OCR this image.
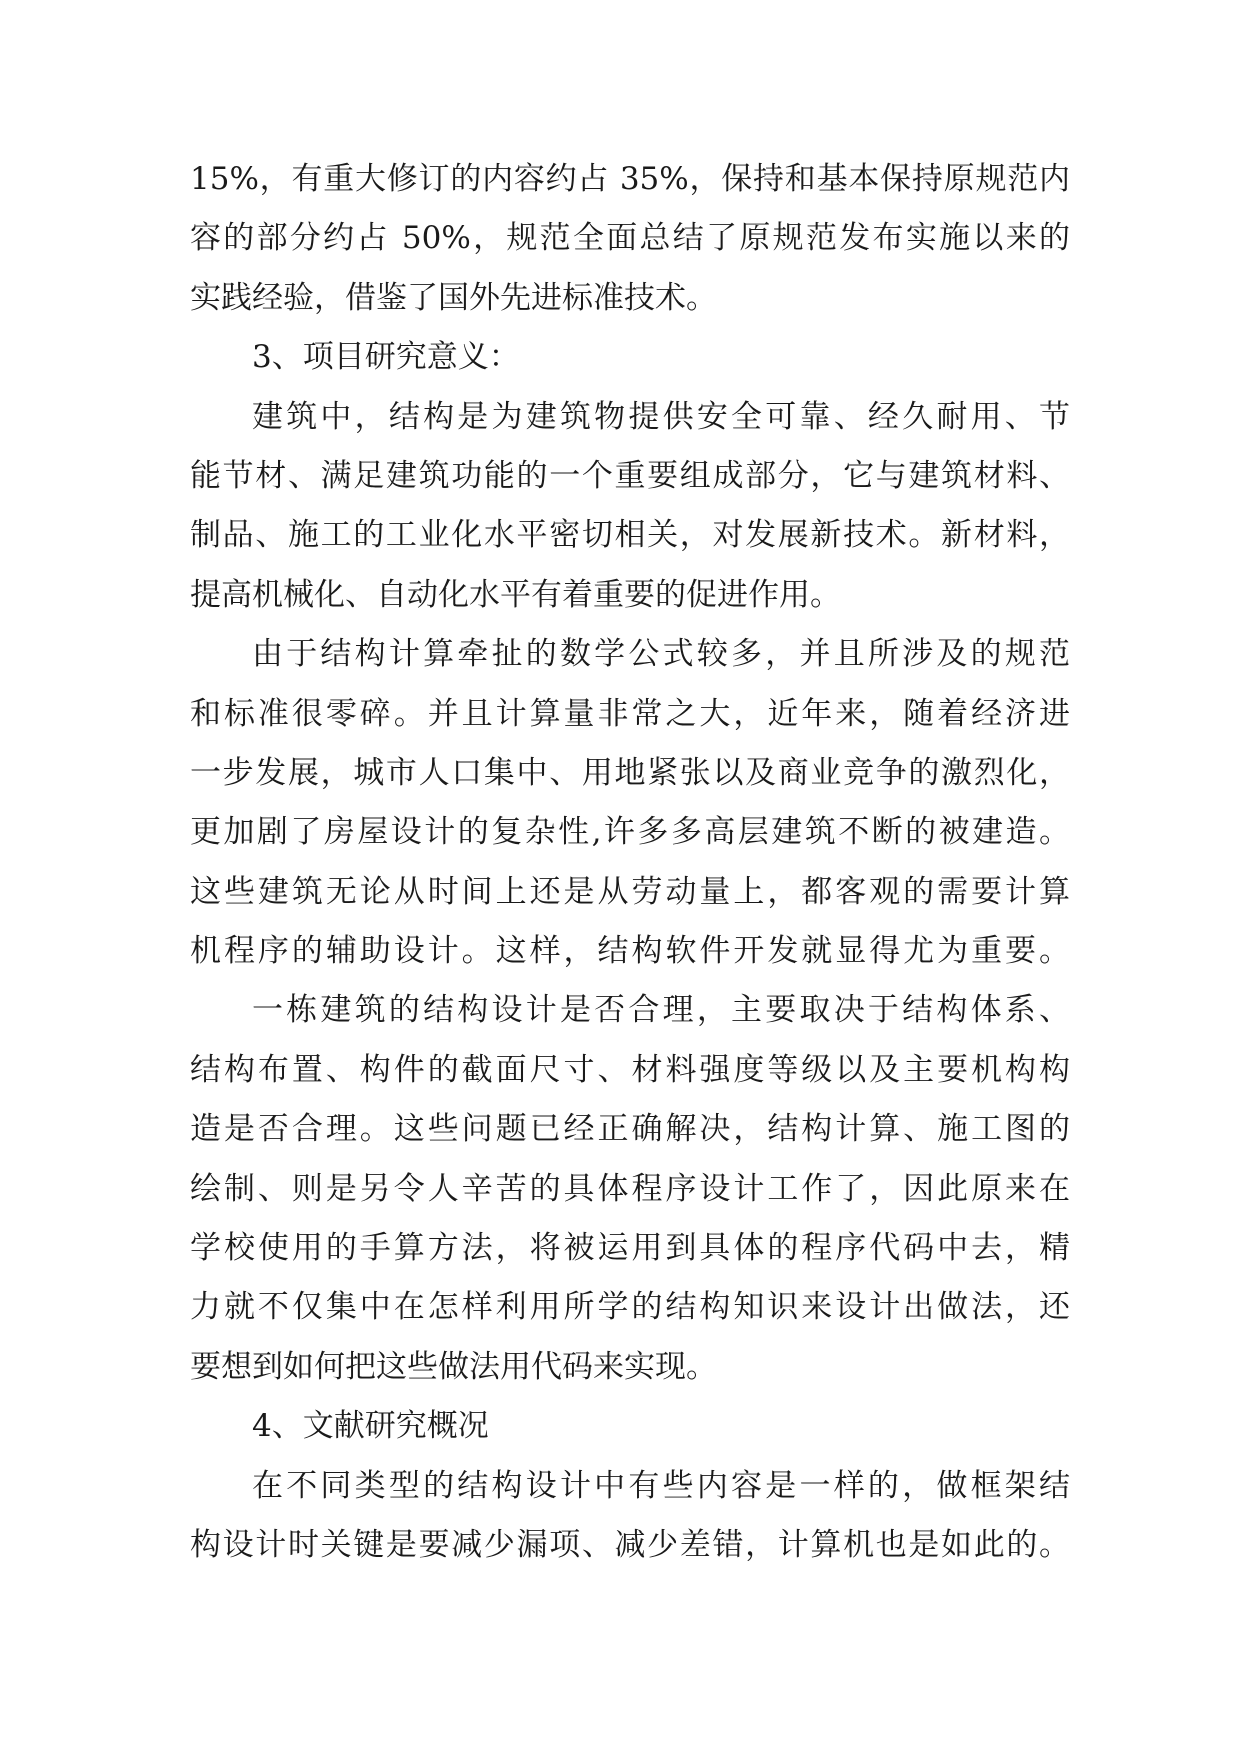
15%，有重大修订的内容约占 35%，保持和基本保持原规范内
容的部分约占 50%，规范全面总结了原规范发布实施以来的
实践经验，借鉴了国外先进标准技术。
3、项目研究意义：
建筑中，结构是为建筑物提供安全可靠、经久耐用、节
能节材、满足建筑功能的一个重要组成部分，它与建筑材料、
制品、施工的工业化水平密切相关，对发展新技术。新材料，
提高机械化、自动化水平有着重要的促进作用。
由于结构计算牵扯的数学公式较多，并且所涉及的规范
和标准很零碎。并且计算量非常之大，近年来，随着经济进
一步发展，城市人口集中、用地紧张以及商业竞争的激烈化，
更加剧了房屋设计的复杂性,许多多高层建筑不断的被建造。
这些建筑无论从时间上还是从劳动量上，都客观的需要计算
机程序的辅助设计。这样，结构软件开发就显得尤为重要。
一栋建筑的结构设计是否合理，主要取决于结构体系、
结构布置、构件的截面尺寸、材料强度等级以及主要机构构
造是否合理。这些问题已经正确解决，结构计算、施工图的
绘制、则是另令人辛苦的具体程序设计工作了，因此原来在
学校使用的手算方法，将被运用到具体的程序代码中去，精
力就不仅集中在怎样利用所学的结构知识来设计出做法，还
要想到如何把这些做法用代码来实现。
4、文献研究概况
在不同类型的结构设计中有些内容是一样的，做框架结
构设计时关键是要减少漏项、减少差错，计算机也是如此的。
